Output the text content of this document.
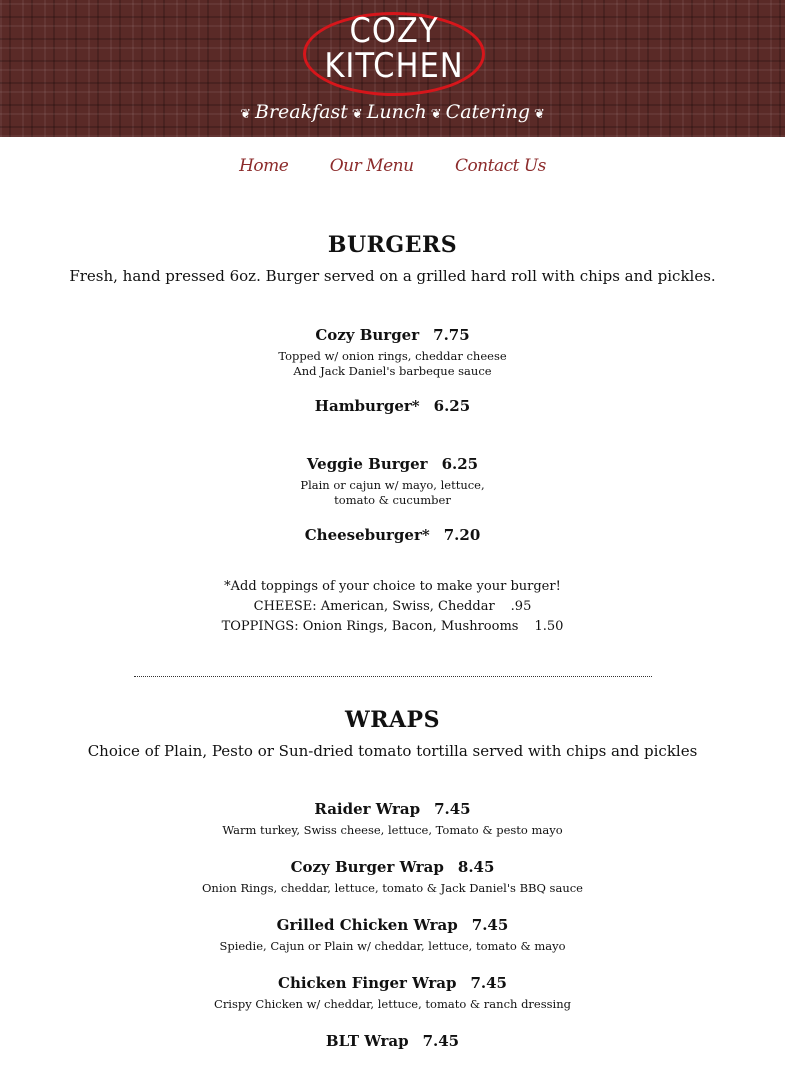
COZY
KITCHEN
❦ Breakfast ❦ Lunch ❦ Catering ❦
Home Our Menu Contact Us
BURGERS
Fresh, hand pressed 6oz. Burger served on a grilled hard roll with chips and pickles.
Cozy Burger 7.75
Topped w/ onion rings, cheddar cheese
And Jack Daniel's barbeque sauce
Hamburger* 6.25
Veggie Burger 6.25
Plain or cajun w/ mayo, lettuce,
tomato & cucumber
Cheeseburger* 7.20
*Add toppings of your choice to make your burger!
CHEESE: American, Swiss, Cheddar .95
TOPPINGS: Onion Rings, Bacon, Mushrooms 1.50
WRAPS
Choice of Plain, Pesto or Sun-dried tomato tortilla served with chips and pickles
Raider Wrap 7.45
Warm turkey, Swiss cheese, lettuce, Tomato & pesto mayo
Cozy Burger Wrap 8.45
Onion Rings, cheddar, lettuce, tomato & Jack Daniel's BBQ sauce
Grilled Chicken Wrap 7.45
Spiedie, Cajun or Plain w/ cheddar, lettuce, tomato & mayo
Chicken Finger Wrap 7.45
Crispy Chicken w/ cheddar, lettuce, tomato & ranch dressing
BLT Wrap 7.45
